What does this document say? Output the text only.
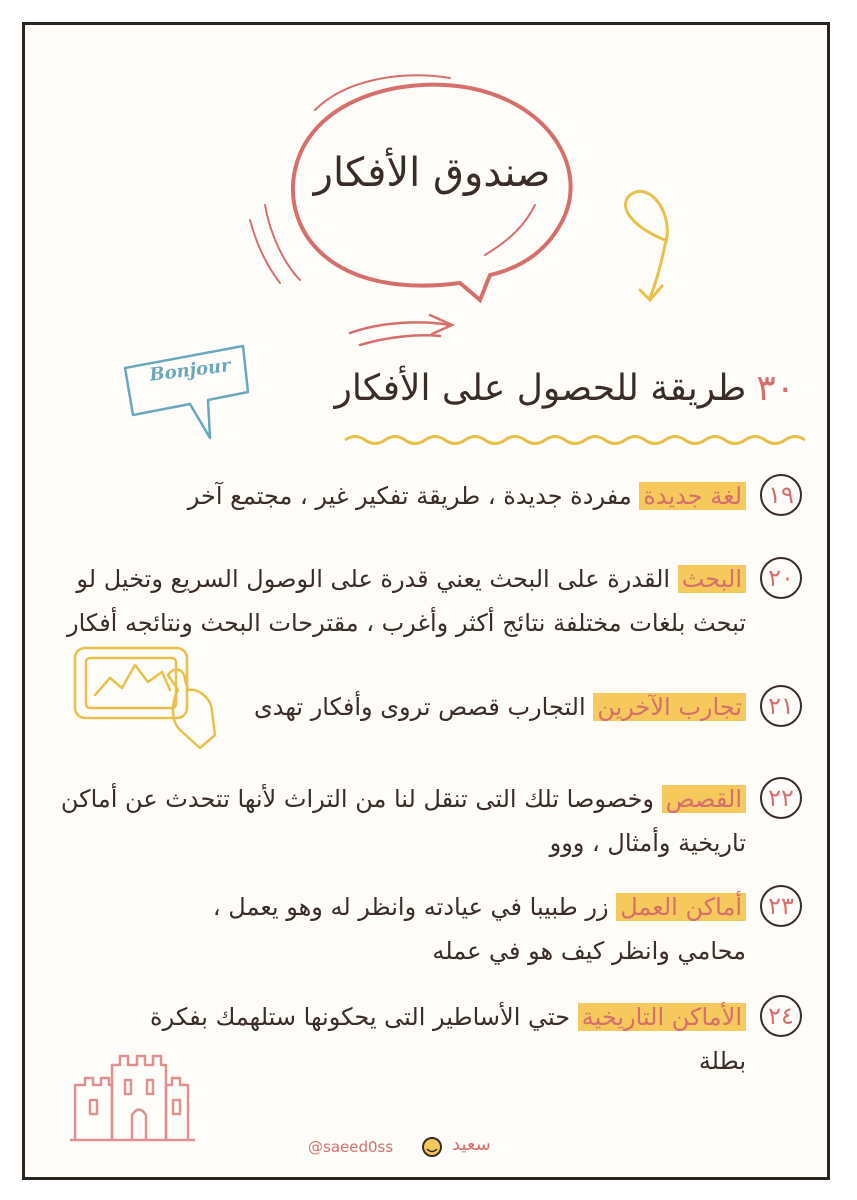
صندوق الأفكار
Bonjour	٣٠طريقة للحصول على الأفكار
١٩
لغة جديدة مفردة جديدة ، طريقة تفكير غير ، مجتمع آخر
٢٠
البحث القدرة على البحث يعني قدرة على الوصول السريع وتخيل لو تبحث بلغات مختلفة نتائج أكثر وأغرب ، مقترحات البحث ونتائجه أفكار
٢١
تجارب الآخرين التجارب قصص تروى وأفكار تهدى
٢٢
القصص وخصوصا تلك التى تنقل لنا من التراث لأنها تتحدث عن أماكن تاريخية وأمثال ، ووو
٢٣
أماكن العمل زر طبيبا في عيادته وانظر له وهو يعمل ، محامي وانظر كيف هو في عمله
٢٤
الأماكن التاريخية حتي الأساطير التى يحكونها ستلهمك بفكرة بطلة
@saeed0ss	سعيد
